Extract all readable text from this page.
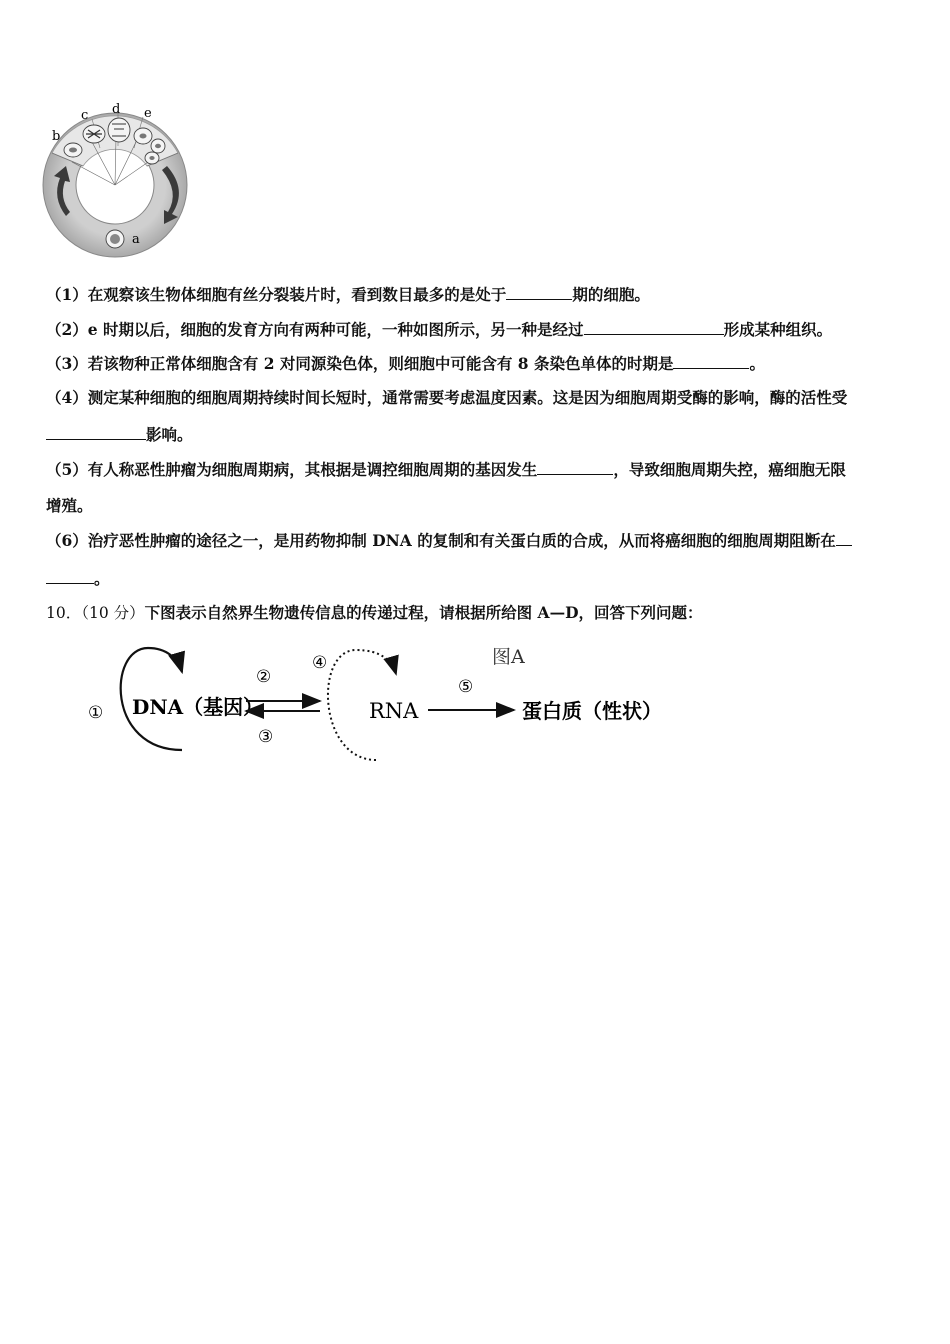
b
c d e
a
（1）在观察该生物体细胞有丝分裂装片时，看到数目最多的是处于	期的细胞。
（2）e 时期以后，细胞的发育方向有两种可能，一种如图所示，另一种是经过	形成某种组织。
（3）若该物种正常体细胞含有 2 对同源染色体，则细胞中可能含有 8 条染色单体的时期是	。
（4）测定某种细胞的细胞周期持续时间长短时，通常需要考虑温度因素。这是因为细胞周期受酶的影响，酶的活性受
影响。
（5）有人称恶性肿瘤为细胞周期病，其根据是调控细胞周期的基因发生	，导致细胞周期失控，癌细胞无限
增殖。
（6）治疗恶性肿瘤的途径之一，是用药物抑制 DNA 的复制和有关蛋白质的合成，从而将癌细胞的细胞周期阻断在
。
10．（10 分）下图表示自然界生物遗传信息的传递过程，请根据所给图 A—D，回答下列问题：
图A
① DNA（基因）
②
③
④
RNA
⑤
蛋白质（性状）
